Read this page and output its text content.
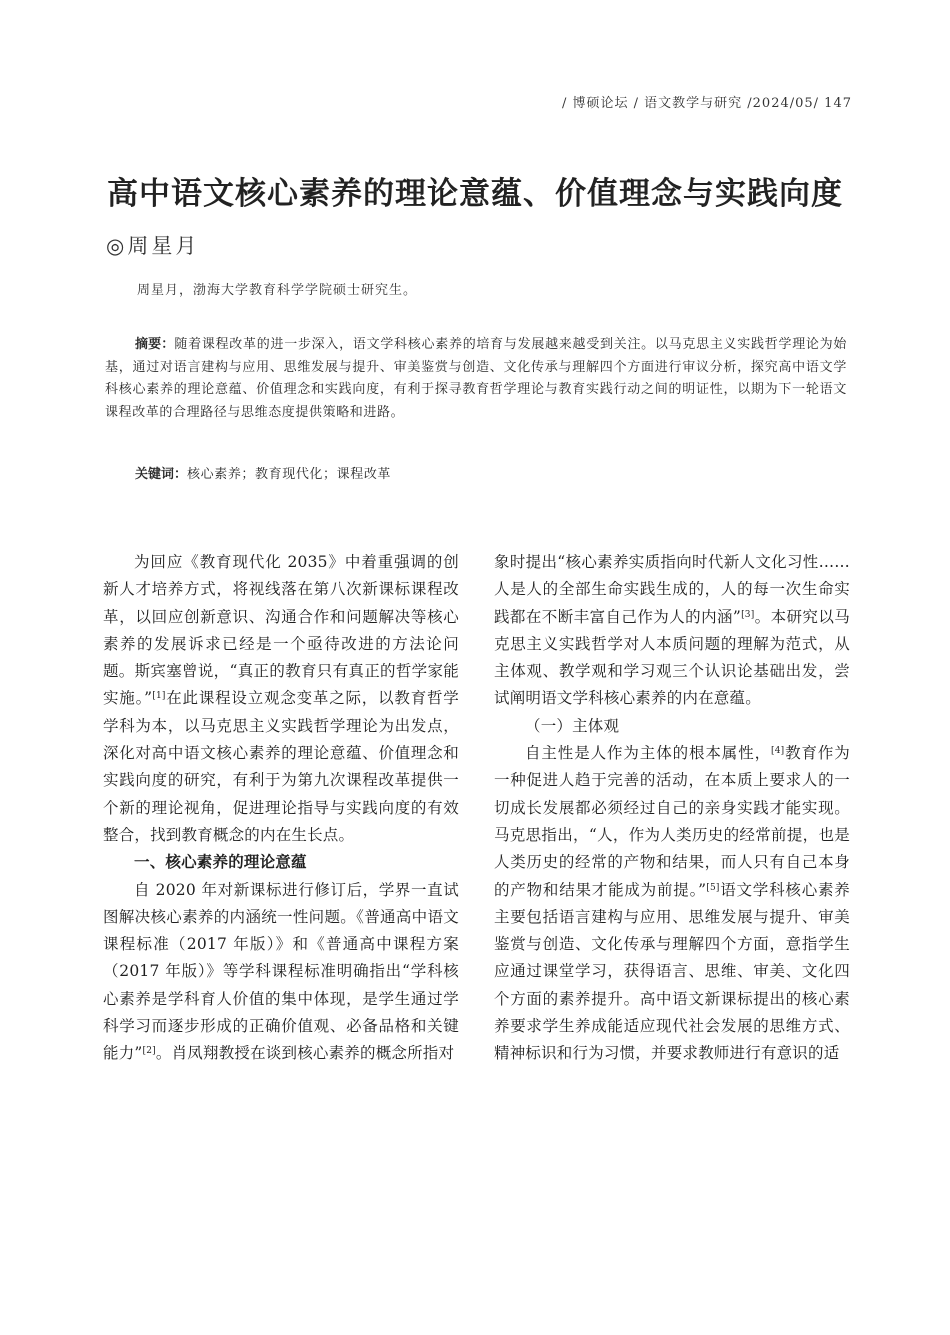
/ 博硕论坛 / 语文教学与研究 /2024/05/ 147
高中语文核心素养的理论意蕴、价值理念与实践向度
◎周星月
周星月，渤海大学教育科学学院硕士研究生。

摘要：随着课程改革的进一步深入，语文学科核心素养的培育与发展越来越受到关注。以马克思主义实践哲学理论为始基，通过对语言建构与应用、思维发展与提升、审美鉴赏与创造、文化传承与理解四个方面进行审议分析，探究高中语文学科核心素养的理论意蕴、价值理念和实践向度，有利于探寻教育哲学理论与教育实践行动之间的明证性，以期为下一轮语文课程改革的合理路径与思维态度提供策略和进路。

关键词：核心素养；教育现代化；课程改革

为回应《教育现代化 2035》中着重强调的创新人才培养方式，将视线落在第八次新课标课程改革，以回应创新意识、沟通合作和问题解决等核心素养的发展诉求已经是一个亟待改进的方法论问题。斯宾塞曾说，“真正的教育只有真正的哲学家能实施。”[1]在此课程设立观念变革之际，以教育哲学学科为本，以马克思主义实践哲学理论为出发点，深化对高中语文核心素养的理论意蕴、价值理念和实践向度的研究，有利于为第九次课程改革提供一个新的理论视角，促进理论指导与实践向度的有效整合，找到教育概念的内在生长点。

一、核心素养的理论意蕴

自 2020 年对新课标进行修订后，学界一直试图解决核心素养的内涵统一性问题。《普通高中语文课程标准（2017 年版）》和《普通高中课程方案（2017 年版）》等学科课程标准明确指出“学科核心素养是学科育人价值的集中体现，是学生通过学科学习而逐步形成的正确价值观、必备品格和关键能力”[2]。肖凤翔教授在谈到核心素养的概念所指对

象时提出“核心素养实质指向时代新人文化习性……人是人的全部生命实践生成的，人的每一次生命实践都在不断丰富自己作为人的内涵”[3]。本研究以马克思主义实践哲学对人本质问题的理解为范式，从主体观、教学观和学习观三个认识论基础出发，尝试阐明语文学科核心素养的内在意蕴。

（一）主体观

自主性是人作为主体的根本属性，[4]教育作为一种促进人趋于完善的活动，在本质上要求人的一切成长发展都必须经过自己的亲身实践才能实现。马克思指出，“人，作为人类历史的经常前提，也是人类历史的经常的产物和结果，而人只有自己本身的产物和结果才能成为前提。”[5]语文学科核心素养主要包括语言建构与应用、思维发展与提升、审美鉴赏与创造、文化传承与理解四个方面，意指学生应通过课堂学习，获得语言、思维、审美、文化四个方面的素养提升。高中语文新课标提出的核心素养要求学生养成能适应现代社会发展的思维方式、精神标识和行为习惯，并要求教师进行有意识的适
